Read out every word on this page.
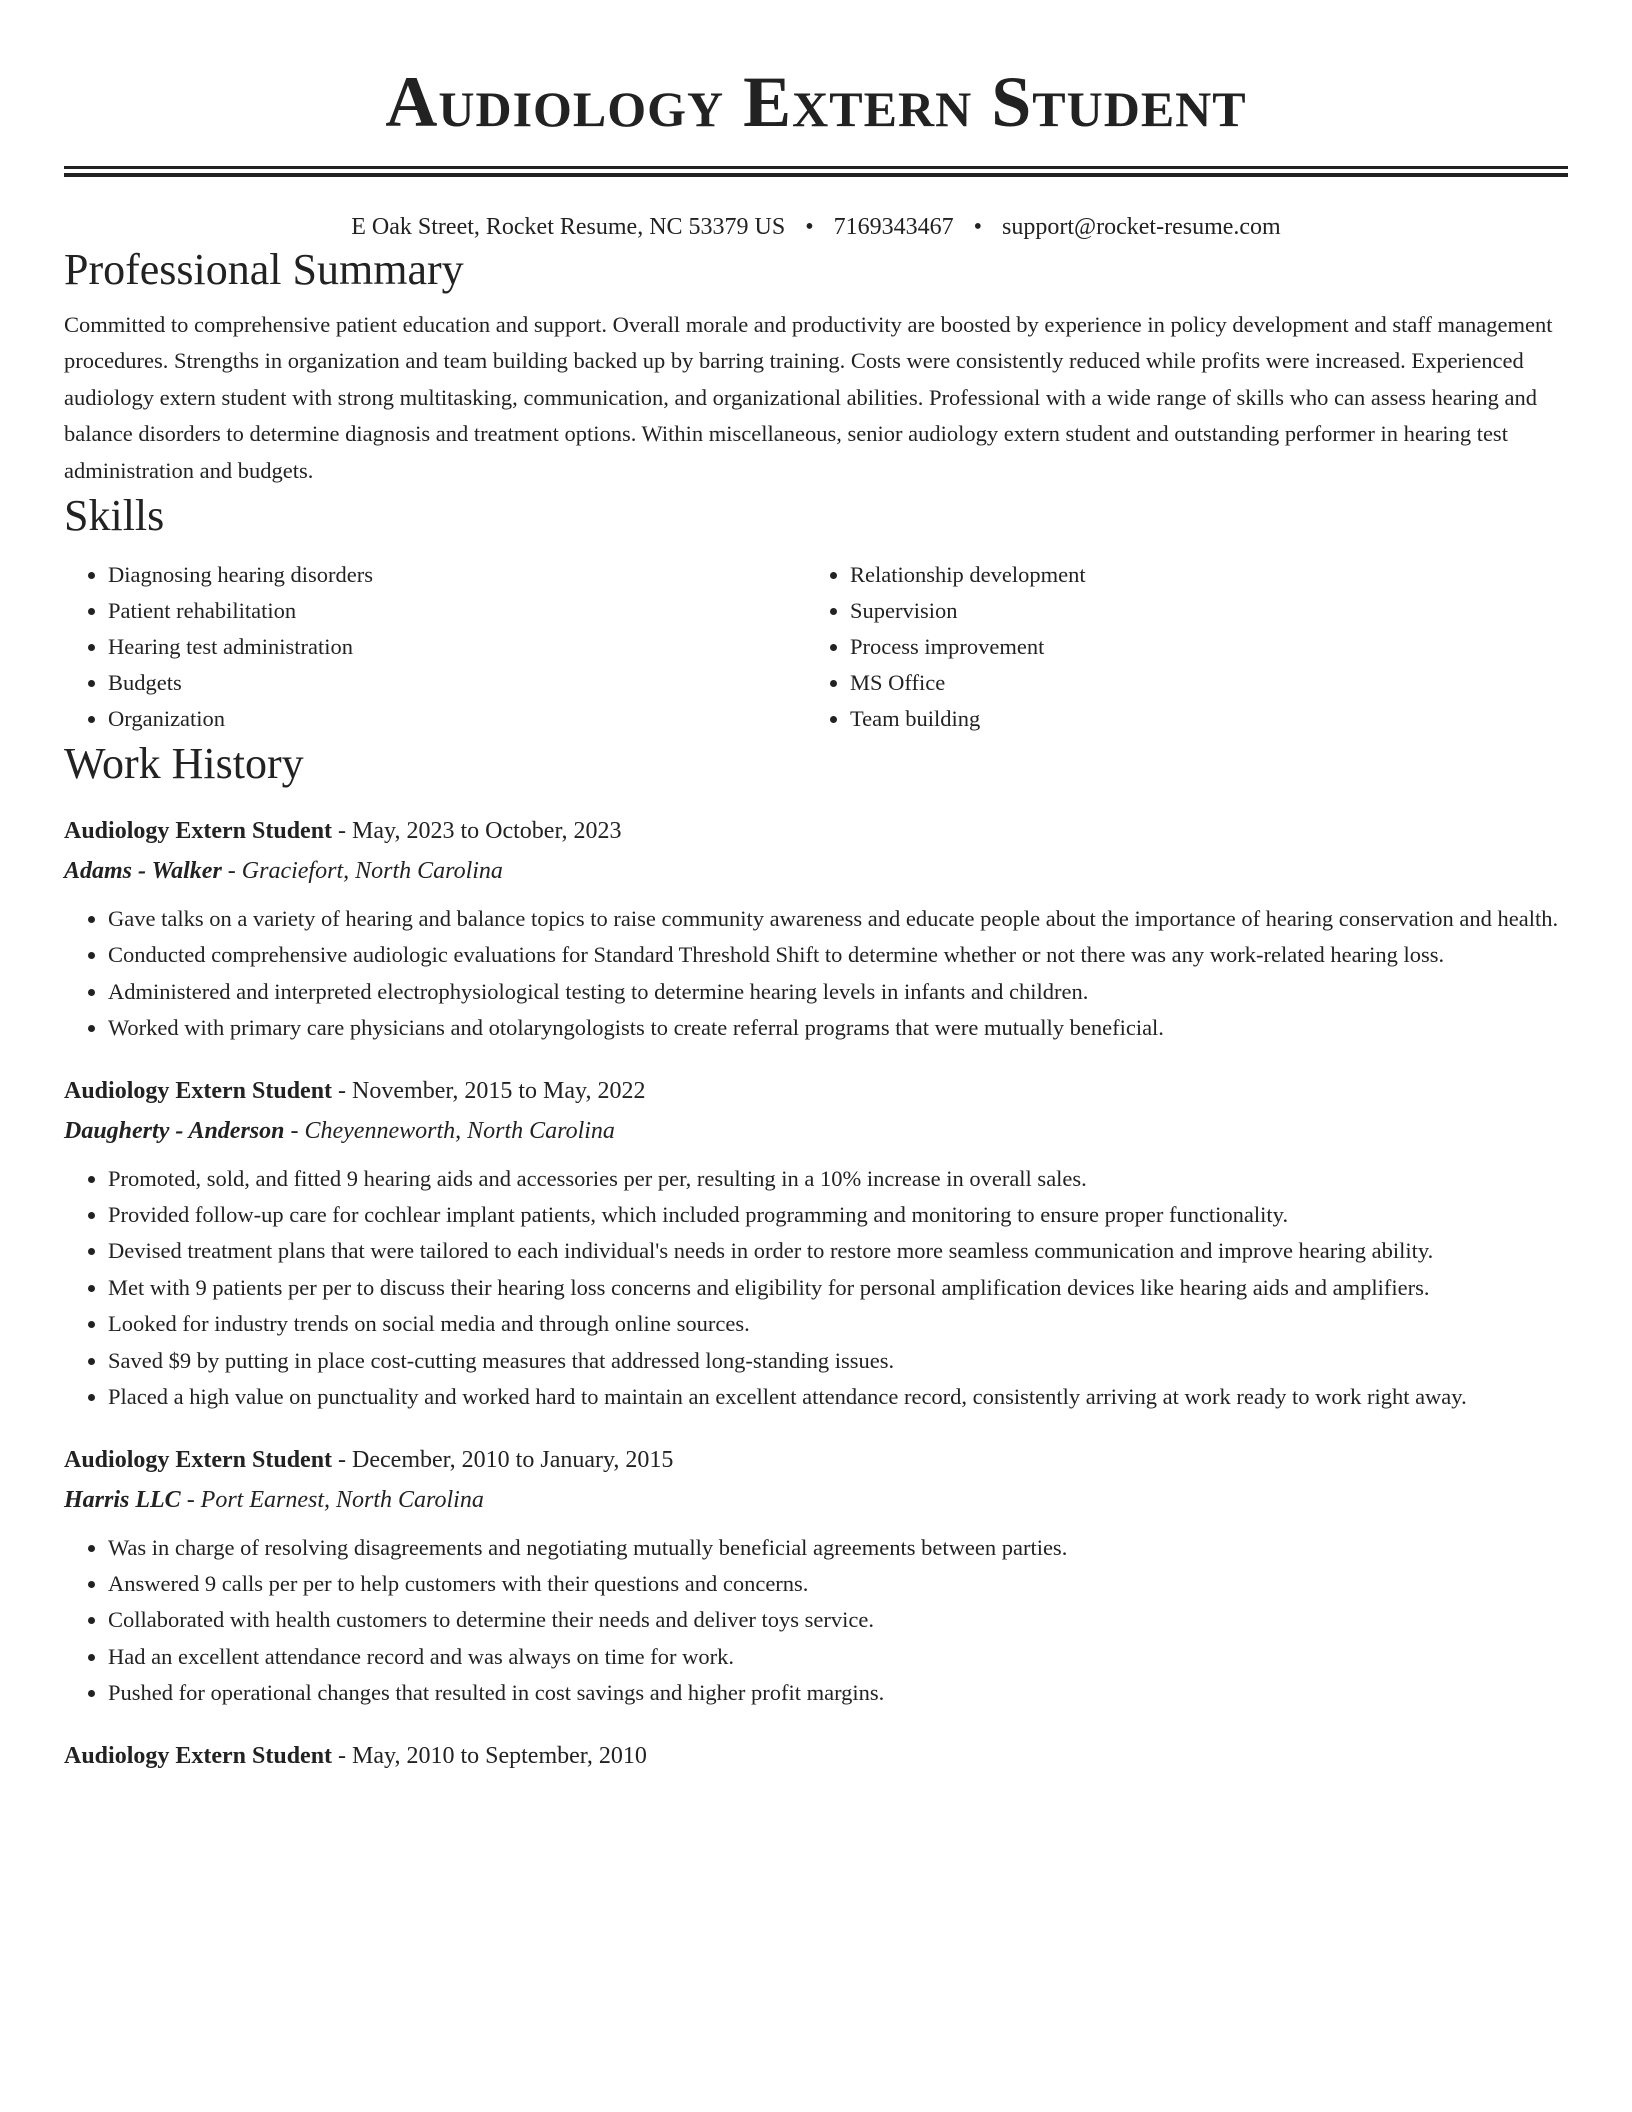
Audiology Extern Student
E Oak Street, Rocket Resume, NC 53379 US • 7169343467 • support@rocket-resume.com
Professional Summary
Committed to comprehensive patient education and support. Overall morale and productivity are boosted by experience in policy development and staff management procedures. Strengths in organization and team building backed up by barring training. Costs were consistently reduced while profits were increased. Experienced audiology extern student with strong multitasking, communication, and organizational abilities. Professional with a wide range of skills who can assess hearing and balance disorders to determine diagnosis and treatment options. Within miscellaneous, senior audiology extern student and outstanding performer in hearing test administration and budgets.
Skills
• Diagnosing hearing disorders
• Patient rehabilitation
• Hearing test administration
• Budgets
• Organization
• Relationship development
• Supervision
• Process improvement
• MS Office
• Team building
Work History
Audiology Extern Student - May, 2023 to October, 2023
Adams - Walker - Graciefort, North Carolina
• Gave talks on a variety of hearing and balance topics to raise community awareness and educate people about the importance of hearing conservation and health.
• Conducted comprehensive audiologic evaluations for Standard Threshold Shift to determine whether or not there was any work-related hearing loss.
• Administered and interpreted electrophysiological testing to determine hearing levels in infants and children.
• Worked with primary care physicians and otolaryngologists to create referral programs that were mutually beneficial.
Audiology Extern Student - November, 2015 to May, 2022
Daugherty - Anderson - Cheyenneworth, North Carolina
• Promoted, sold, and fitted 9 hearing aids and accessories per per, resulting in a 10% increase in overall sales.
• Provided follow-up care for cochlear implant patients, which included programming and monitoring to ensure proper functionality.
• Devised treatment plans that were tailored to each individual's needs in order to restore more seamless communication and improve hearing ability.
• Met with 9 patients per per to discuss their hearing loss concerns and eligibility for personal amplification devices like hearing aids and amplifiers.
• Looked for industry trends on social media and through online sources.
• Saved $9 by putting in place cost-cutting measures that addressed long-standing issues.
• Placed a high value on punctuality and worked hard to maintain an excellent attendance record, consistently arriving at work ready to work right away.
Audiology Extern Student - December, 2010 to January, 2015
Harris LLC - Port Earnest, North Carolina
• Was in charge of resolving disagreements and negotiating mutually beneficial agreements between parties.
• Answered 9 calls per per to help customers with their questions and concerns.
• Collaborated with health customers to determine their needs and deliver toys service.
• Had an excellent attendance record and was always on time for work.
• Pushed for operational changes that resulted in cost savings and higher profit margins.
Audiology Extern Student - May, 2010 to September, 2010
